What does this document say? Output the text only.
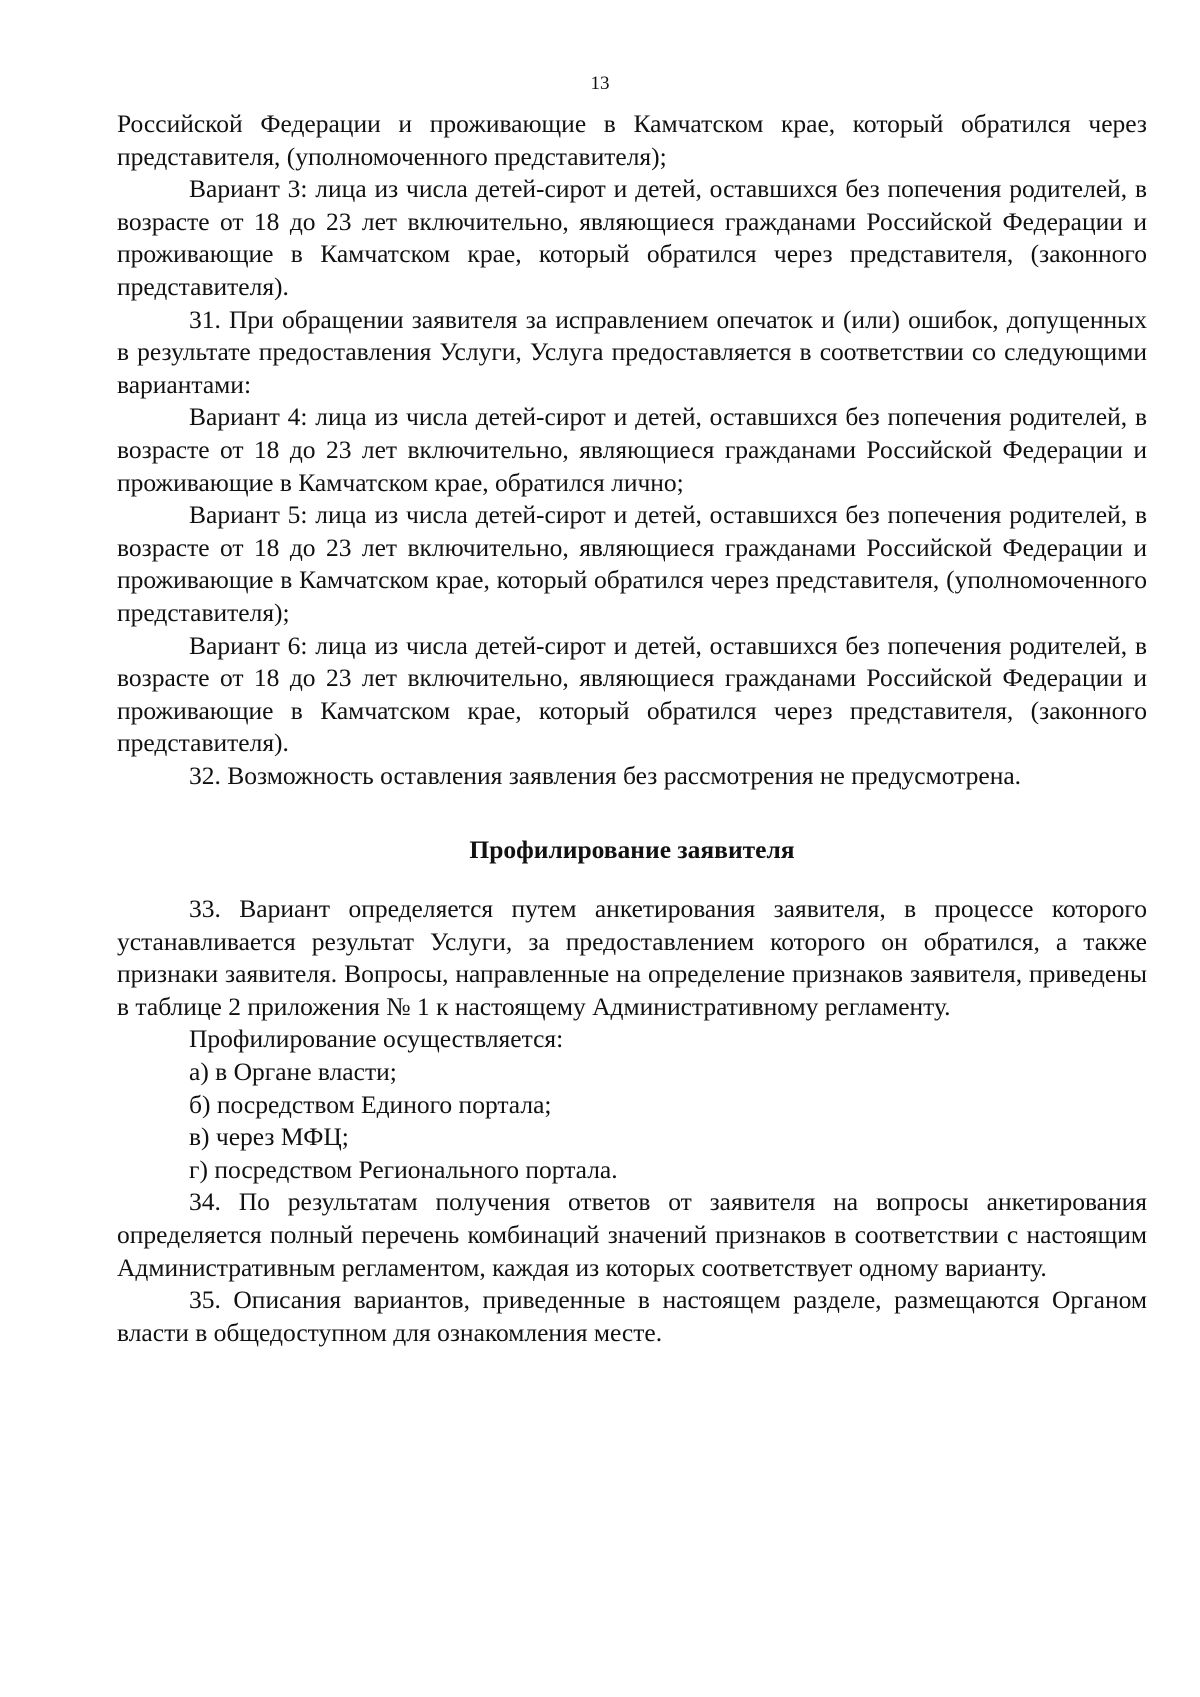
13

Российской Федерации и проживающие в Камчатском крае, который обратился через представителя, (уполномоченного представителя);

Вариант 3: лица из числа детей-сирот и детей, оставшихся без попечения родителей, в возрасте от 18 до 23 лет включительно, являющиеся гражданами Российской Федерации и проживающие в Камчатском крае, который обратился через представителя, (законного представителя).

31. При обращении заявителя за исправлением опечаток и (или) ошибок, допущенных в результате предоставления Услуги, Услуга предоставляется в соответствии со следующими вариантами:

Вариант 4: лица из числа детей-сирот и детей, оставшихся без попечения родителей, в возрасте от 18 до 23 лет включительно, являющиеся гражданами Российской Федерации и проживающие в Камчатском крае, обратился лично;

Вариант 5: лица из числа детей-сирот и детей, оставшихся без попечения родителей, в возрасте от 18 до 23 лет включительно, являющиеся гражданами Российской Федерации и проживающие в Камчатском крае, который обратился через представителя, (уполномоченного представителя);

Вариант 6: лица из числа детей-сирот и детей, оставшихся без попечения родителей, в возрасте от 18 до 23 лет включительно, являющиеся гражданами Российской Федерации и проживающие в Камчатском крае, который обратился через представителя, (законного представителя).

32. Возможность оставления заявления без рассмотрения не предусмотрена.

Профилирование заявителя

33. Вариант определяется путем анкетирования заявителя, в процессе которого устанавливается результат Услуги, за предоставлением которого он обратился, а также признаки заявителя. Вопросы, направленные на определение признаков заявителя, приведены в таблице 2 приложения № 1 к настоящему Административному регламенту.

Профилирование осуществляется:

а) в Органе власти;

б) посредством Единого портала;

в) через МФЦ;

г) посредством Регионального портала.

34. По результатам получения ответов от заявителя на вопросы анкетирования определяется полный перечень комбинаций значений признаков в соответствии с настоящим Административным регламентом, каждая из которых соответствует одному варианту.

35. Описания вариантов, приведенные в настоящем разделе, размещаются Органом власти в общедоступном для ознакомления месте.
